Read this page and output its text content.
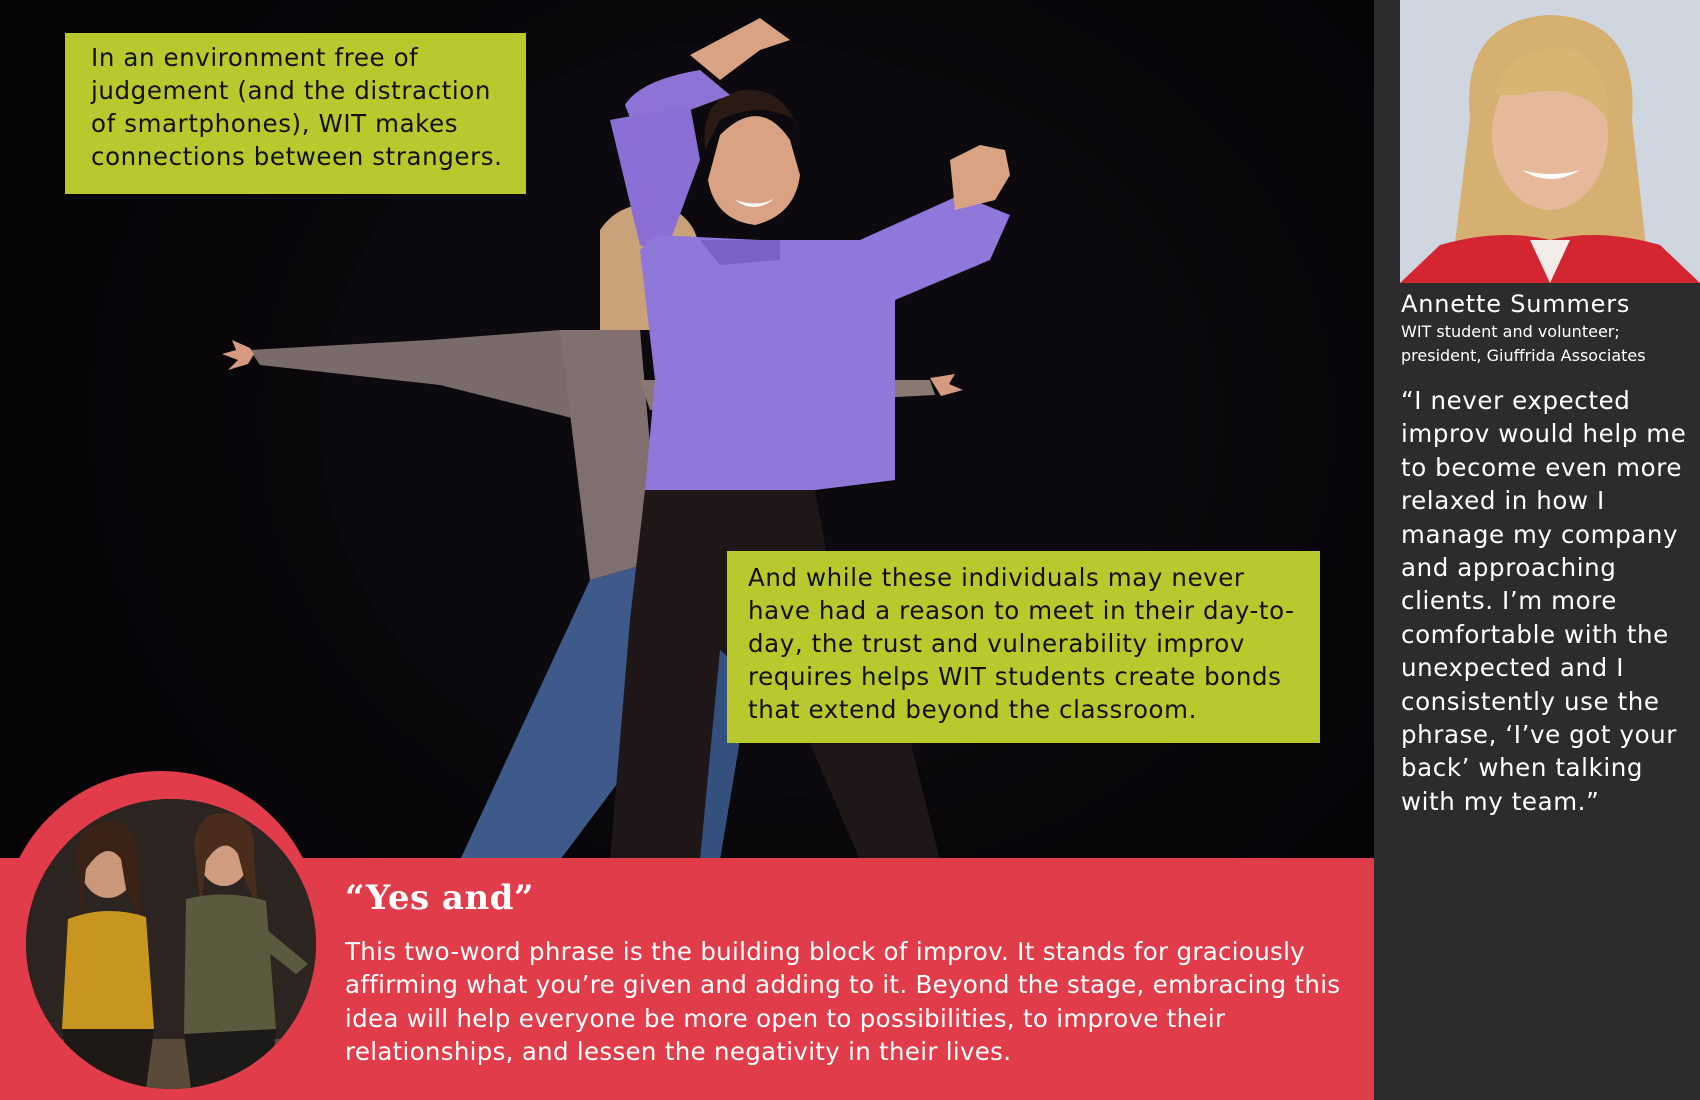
In an environment free of judgement (and the distraction of smartphones), WIT makes connections between strangers.
And while these individuals may never have had a reason to meet in their day-to-day, the trust and vulnerability improv requires helps WIT students create bonds that extend beyond the classroom.
“Yes and”
This two-word phrase is the building block of improv. It stands for graciously affirming what you’re given and adding to it. Beyond the stage, embracing this idea will help everyone be more open to possibilities, to improve their relationships, and lessen the negativity in their lives.
Annette Summers
WIT student and volunteer;
president, Giuffrida Associates
“I never expected improv would help me to become even more relaxed in how I manage my company and approaching clients. I’m more comfortable with the unexpected and I consistently use the phrase, ‘I’ve got your back’ when talking with my team.”
